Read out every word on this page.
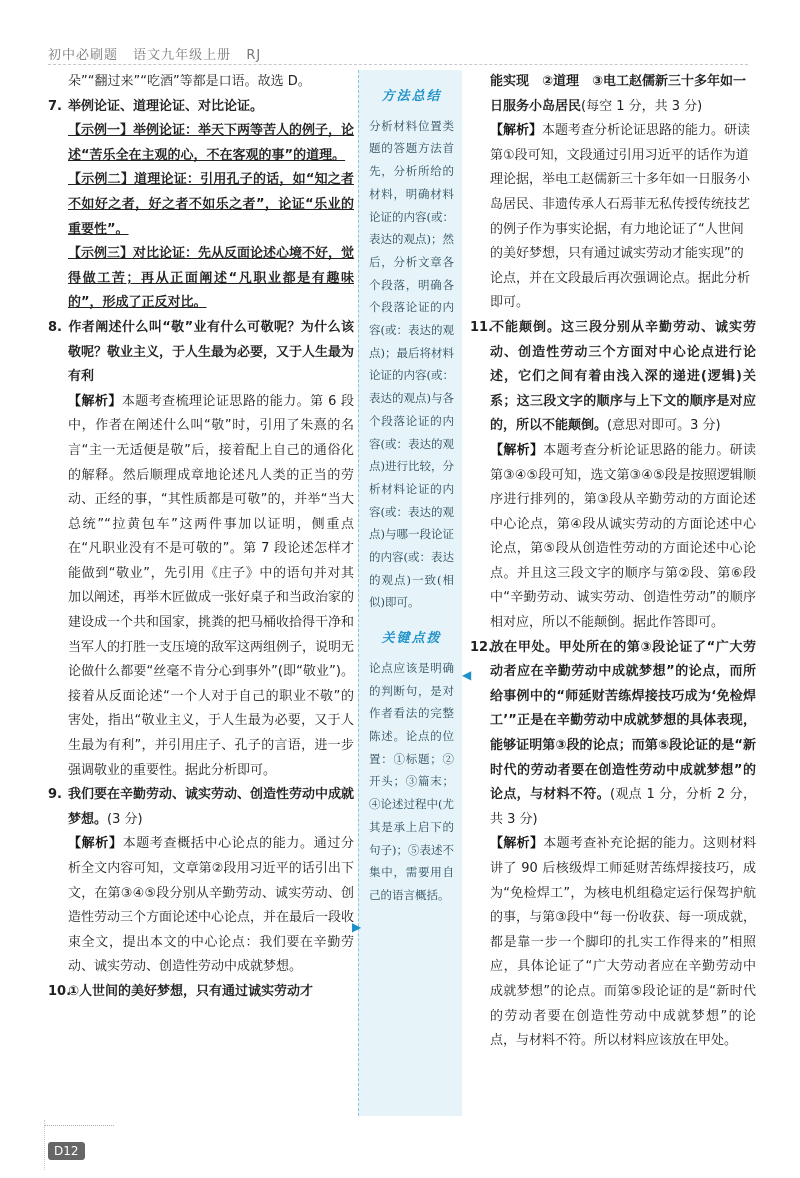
初中必刷题 语文九年级上册 RJ

朵”“翻过来”“吃酒”等都是口语。故选 D。

7. 举例论证、道理论证、对比论证。

【示例一】举例论证：举天下两等苦人的例子，论述“苦乐全在主观的心，不在客观的事”的道理。

【示例二】道理论证：引用孔子的话，如“知之者不如好之者，好之者不如乐之者”，论证“乐业的重要性”。

【示例三】对比论证：先从反面论述心境不好，觉得做工苦；再从正面阐述“凡职业都是有趣味的”，形成了正反对比。

8. 作者阐述什么叫“敬”业有什么可敬呢？为什么该敬呢？敬业主义，于人生最为必要，又于人生最为有利

【解析】本题考查梳理论证思路的能力。第 6 段中，作者在阐述什么叫“敬”时，引用了朱熹的名言“主一无适便是敬”后，接着配上自己的通俗化的解释。然后顺理成章地论述凡人类的正当的劳动、正经的事，“其性质都是可敬”的，并举“当大总统”“拉黄包车”这两件事加以证明，侧重点在“凡职业没有不是可敬的”。第 7 段论述怎样才能做到“敬业”，先引用《庄子》中的语句并对其加以阐述，再举木匠做成一张好桌子和当政治家的建设成一个共和国家，挑粪的把马桶收拾得干净和当军人的打胜一支压境的敌军这两组例子，说明无论做什么都要“丝毫不肯分心到事外”(即“敬业”)。接着从反面论述“一个人对于自己的职业不敬”的害处，指出“敬业主义，于人生最为必要，又于人生最为有利”，并引用庄子、孔子的言语，进一步强调敬业的重要性。据此分析即可。

9. 我们要在辛勤劳动、诚实劳动、创造性劳动中成就梦想。(3 分)

【解析】本题考查概括中心论点的能力。通过分析全文内容可知，文章第②段用习近平的话引出下文，在第③④⑤段分别从辛勤劳动、诚实劳动、创造性劳动三个方面论述中心论点，并在最后一段收束全文，提出本文的中心论点：我们要在辛勤劳动、诚实劳动、创造性劳动中成就梦想。

10.①人世间的美好梦想，只有通过诚实劳动才

方法总结

分析材料位置类题的答题方法首先，分析所给的材料，明确材料论证的内容(或：表达的观点)；然后，分析文章各个段落，明确各个段落论证的内容(或：表达的观点)；最后将材料论证的内容(或：表达的观点)与各个段落论证的内容(或：表达的观点)进行比较，分析材料论证的内容(或：表达的观点)与哪一段论证的内容(或：表达的观点)一致(相似)即可。

关键点拨

论点应该是明确的判断句，是对作者看法的完整陈述。论点的位置：①标题；②开头；③篇末；④论述过程中(尤其是承上启下的句子)；⑤表述不集中，需要用自己的语言概括。

▶
◀

能实现　②道理　③电工赵儒新三十多年如一日服务小岛居民(每空 1 分，共 3 分)

【解析】本题考查分析论证思路的能力。研读第①段可知，文段通过引用习近平的话作为道理论据，举电工赵儒新三十多年如一日服务小岛居民、非遗传承人石焉菲无私传授传统技艺的例子作为事实论据，有力地论证了“人世间的美好梦想，只有通过诚实劳动才能实现”的论点，并在文段最后再次强调论点。据此分析即可。

11.不能颠倒。这三段分别从辛勤劳动、诚实劳动、创造性劳动三个方面对中心论点进行论述，它们之间有着由浅入深的递进(逻辑)关系；这三段文字的顺序与上下文的顺序是对应的，所以不能颠倒。(意思对即可。3 分)

【解析】本题考查分析论证思路的能力。研读第③④⑤段可知，选文第③④⑤段是按照逻辑顺序进行排列的，第③段从辛勤劳动的方面论述中心论点，第④段从诚实劳动的方面论述中心论点，第⑤段从创造性劳动的方面论述中心论点。并且这三段文字的顺序与第②段、第⑥段中“辛勤劳动、诚实劳动、创造性劳动”的顺序相对应，所以不能颠倒。据此作答即可。

12.放在甲处。甲处所在的第③段论证了“广大劳动者应在辛勤劳动中成就梦想”的论点，而所给事例中的“师延财苦练焊接技巧成为‘免检焊工’”正是在辛勤劳动中成就梦想的具体表现，能够证明第③段的论点；而第⑤段论证的是“新时代的劳动者要在创造性劳动中成就梦想”的论点，与材料不符。(观点 1 分，分析 2 分，共 3 分)

【解析】本题考查补充论据的能力。这则材料讲了 90 后核级焊工师延财苦练焊接技巧，成为“免检焊工”，为核电机组稳定运行保驾护航的事，与第③段中“每一份收获、每一项成就，都是靠一步一个脚印的扎实工作得来的”相照应，具体论证了“广大劳动者应在辛勤劳动中成就梦想”的论点。而第⑤段论证的是“新时代的劳动者要在创造性劳动中成就梦想”的论点，与材料不符。所以材料应该放在甲处。

D12
